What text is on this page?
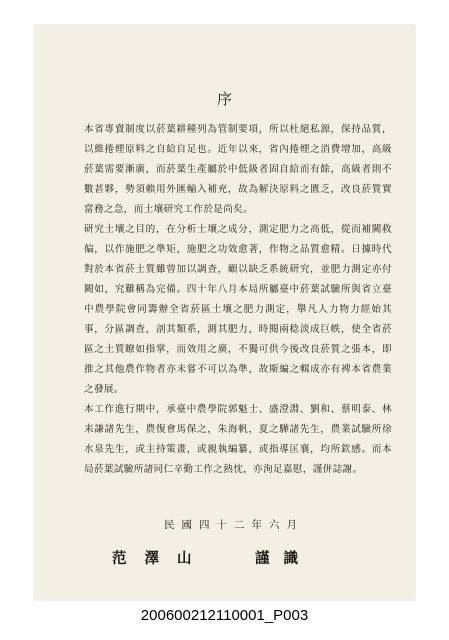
序

本省專賣制度以菸葉耕種列為管制要項，所以杜絕私源，保持品質，以維捲煙原料之自給自足也。近年以來，省內捲煙之消費增加，高級菸葉需要漸廣，而菸葉生產屬於中低級者固自給而有餘，高級者則不數甚夥，勢須賴用外匯輸入補充，故為解決原料之匱乏，改良菸質實當務之急，而土壤研究工作於是尚矣。

研究土壤之目的，在分析土壤之成分，測定肥力之高低，從而補闕救偏，以作施肥之準矩，施肥之功效愈著，作物之品質愈精。日據時代對於本省菸土質雖曾加以調查，顧以缺乏系統研究，並肥力測定亦付闕如，究難稱為完備。四十年八月本局所屬臺中菸葉試驗所與省立臺中農學院會同籌辦全省菸區土壤之肥力測定，舉凡人力物力經始其事，分區調查，剖其類系，測其肥力，時閱兩稔淡成巨帙，使全省菸區之土質瞭如指掌，而效用之廣，不獨可供今後改良菸質之張本，即推之其他農作物者亦未嘗不可以為準，故斯編之輯成亦有裨本省農業之發展。

本工作進行期中，承臺中農學院郭魁士、盛澄淵、劉和、蔡明泰、林耒謙諸先生，農復會馬保之，朱海帆，夏之驊諸先生，農業試驗所徐水泉先生，或主持策畫，或親執編纂，或指導匡襄，均所欽感。而本局菸葉試驗所諸同仁辛勤工作之熱忱，亦洵足嘉慰，謹併誌謝。

民國四十二年六月
范澤山	謹識
200600212110001_P003
